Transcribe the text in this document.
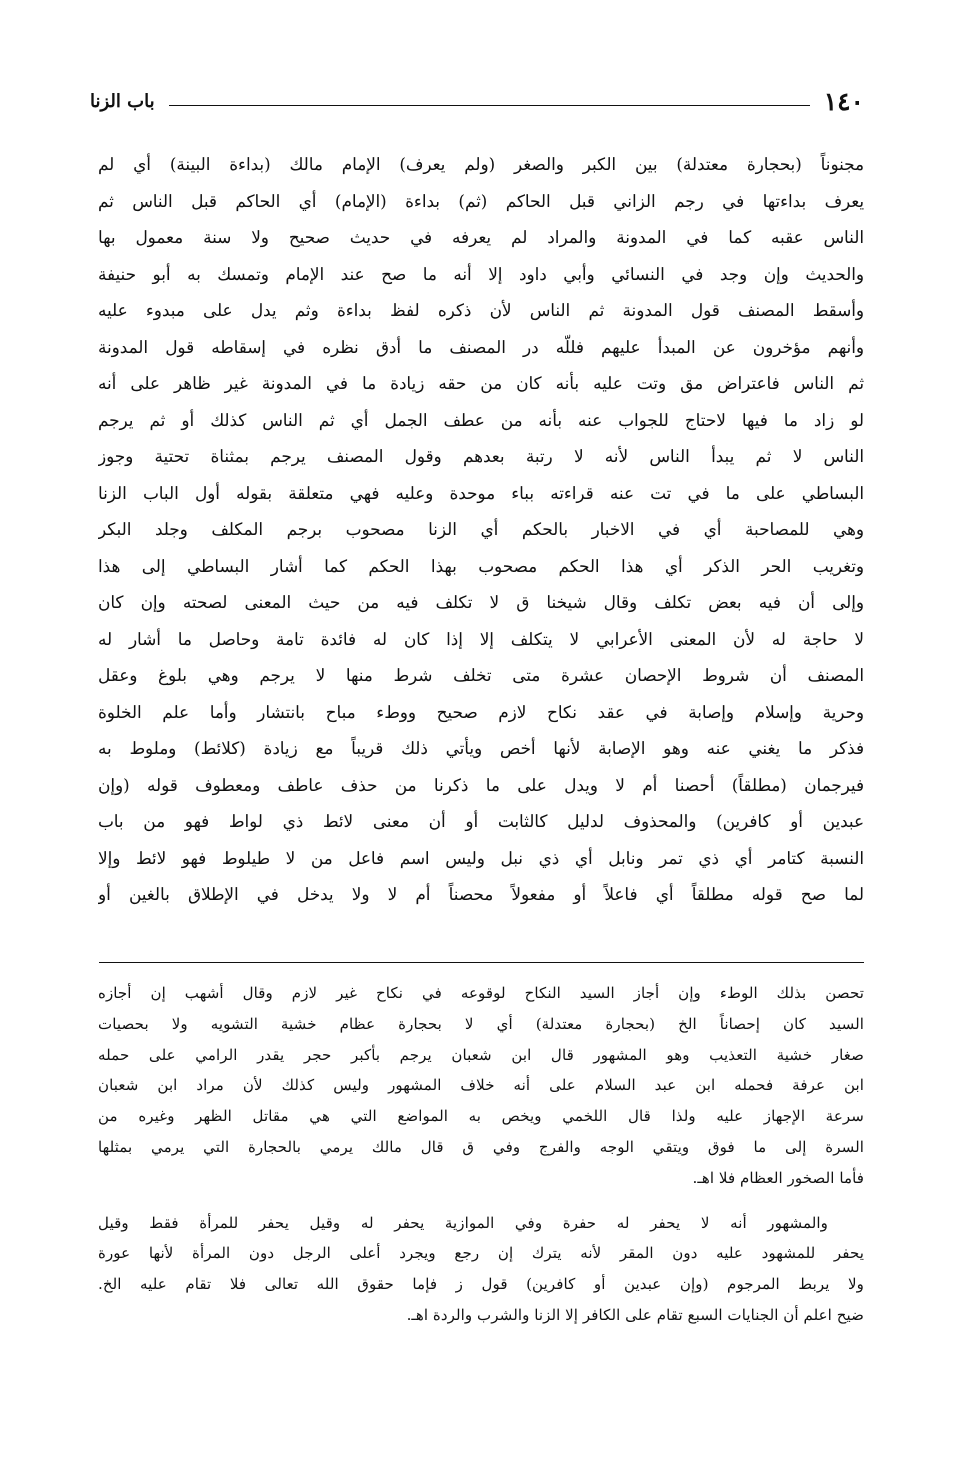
١٤٠
باب الزنا
مجنوناً (بحجارة معتدلة) بين الكبر والصغر (ولم يعرف) الإمام مالك (بداءة البينة) أي لم
يعرف بداءتها في رجم الزاني قبل الحاكم (ثم) بداءة (الإمام) أي الحاكم قبل الناس ثم
الناس عقبه كما في المدونة والمراد لم يعرفه في حديث صحيح ولا سنة معمول بها
والحديث وإن وجد في النسائي وأبي داود إلا أنه ما صح عند الإمام وتمسك به أبو حنيفة
وأسقط المصنف قول المدونة ثم الناس لأن ذكره لفظ بداءة وثم يدل على مبدوء عليه
وأنهم مؤخرون عن المبدأ عليهم فللّه در المصنف ما أدق نظره في إسقاطه قول المدونة
ثم الناس فاعتراض مق وتت عليه بأنه كان من حقه زيادة ما في المدونة غير ظاهر على أنه
لو زاد ما فيها لاحتاج للجواب عنه بأنه من عطف الجمل أي ثم الناس كذلك أو ثم يرجم
الناس لا ثم يبدأ الناس لأنه لا رتبة بعدهم وقول المصنف يرجم بمثناة تحتية وجوز
البساطي على ما في تت عنه قراءته بباء موحدة وعليه فهي متعلقة بقوله أول الباب الزنا
وهي للمصاحبة أي في الاخبار بالحكم أي الزنا مصحوب برجم المكلف وجلد البكر
وتغريب الحر الذكر أي هذا الحكم مصحوب بهذا الحكم كما أشار البساطي إلى هذا
وإلى أن فيه بعض تكلف وقال شيخنا ق لا تكلف فيه من حيث المعنى لصحته وإن كان
لا حاجة له لأن المعنى الأعرابي لا يتكلف إلا إذا كان له فائدة تامة وحاصل ما أشار له
المصنف أن شروط الإحصان عشرة متى تخلف شرط منها لا يرجم وهي بلوغ وعقل
وحرية وإسلام وإصابة في عقد نكاح لازم صحيح ووطء مباح بانتشار وأما علم الخلوة
فذكر ما يغني عنه وهو الإصابة لأنها أخص ويأتي ذلك قريباً مع زيادة (كلائط) وملوط به
فيرجمان (مطلقاً) أحصنا أم لا ويدل على ما ذكرنا من حذف عاطف ومعطوف قوله (وإن
عبدين أو كافرين) والمحذوف لدليل كالثابت أو أن معنى لائط ذي لواط فهو من باب
النسبة كتامر أي ذي تمر ونابل أي ذي نبل وليس اسم فاعل من لا طيلوط فهو لائط وإلا
لما صح قوله مطلقاً أي فاعلاً أو مفعولاً محصناً أم لا ولا يدخل في الإطلاق بالغين أو
تحصن بذلك الوطء وإن أجاز السيد النكاح لوقوعه في نكاح غير لازم وقال أشهب إن أجازه
السيد كان إحصاناً الخ (بحجارة معتدلة) أي لا بحجارة عظام خشية التشويه ولا بحصيات
صغار خشية التعذيب وهو المشهور قال ابن شعبان يرجم بأكبر حجر يقدر الرامي على حمله
ابن عرفة فحمله ابن عبد السلام على أنه خلاف المشهور وليس كذلك لأن مراد ابن شعبان
سرعة الإجهاز عليه ولذا قال اللخمي ويخص به المواضع التي هي مقاتل الظهر وغيره من
السرة إلى ما فوق ويتقي الوجه والفرج وفي ق قال مالك يرمي بالحجارة التي يرمي بمثلها
فأما الصخور العظام فلا اهـ.
والمشهور أنه لا يحفر له حفرة وفي الموازية يحفر له وقيل يحفر للمرأة فقط وقيل
يحفر للمشهود عليه دون المقر لأنه يترك إن رجع ويجرد أعلى الرجل دون المرأة لأنها عورة
ولا يربط المرجوم (وإن عبدين أو كافرين) قول ز فإما حقوق الله تعالى فلا تقام عليه الخ.
ضيح اعلم أن الجنايات السبع تقام على الكافر إلا الزنا والشرب والردة اهـ.
